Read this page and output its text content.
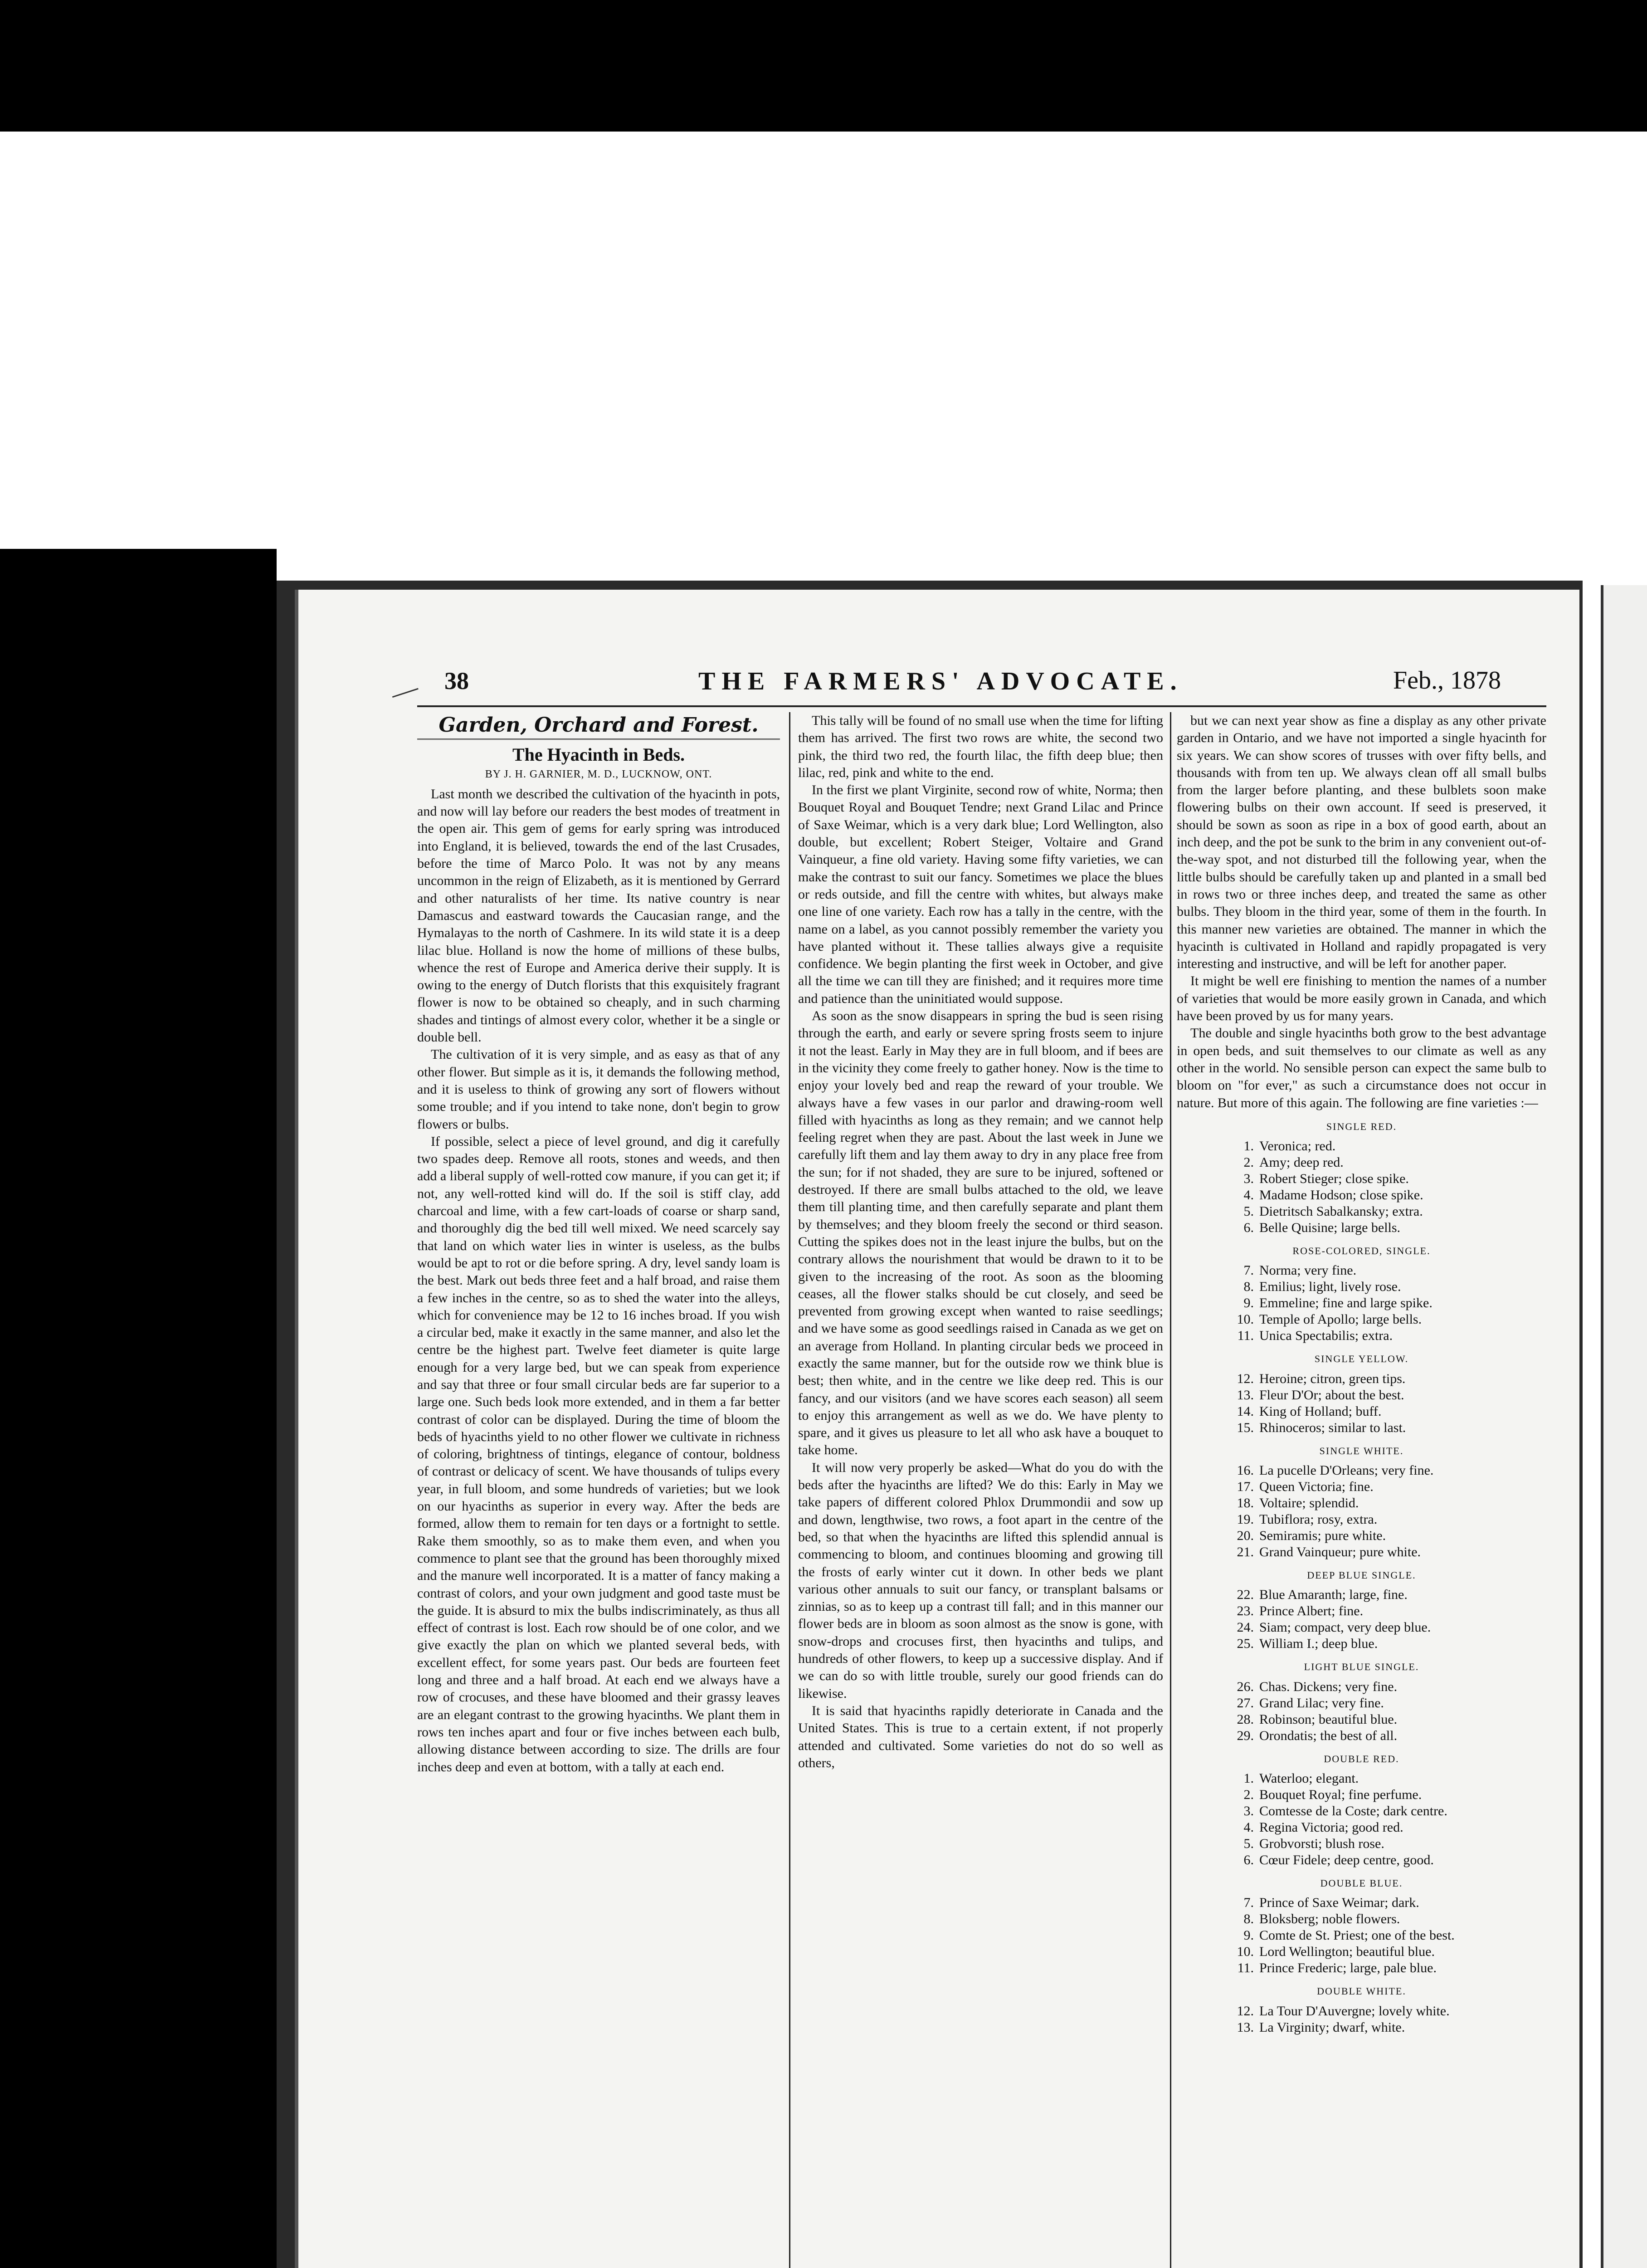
38	THE FARMERS' ADVOCATE.	Feb., 1878
Garden, Orchard and Forest.
The Hyacinth in Beds.
BY J. H. GARNIER, M. D., LUCKNOW, ONT.

Last month we described the cultivation of the hyacinth in pots, and now will lay before our readers the best modes of treatment in the open air. This gem of gems for early spring was introduced into England, it is believed, towards the end of the last Crusades, before the time of Marco Polo. It was not by any means uncommon in the reign of Elizabeth, as it is mentioned by Gerrard and other naturalists of her time. Its native country is near Damascus and eastward towards the Caucasian range, and the Hymalayas to the north of Cashmere. In its wild state it is a deep lilac blue. Holland is now the home of millions of these bulbs, whence the rest of Europe and America derive their supply. It is owing to the energy of Dutch florists that this exquisitely fragrant flower is now to be obtained so cheaply, and in such charming shades and tintings of almost every color, whether it be a single or double bell.

The cultivation of it is very simple, and as easy as that of any other flower. But simple as it is, it demands the following method, and it is useless to think of growing any sort of flowers without some trouble; and if you intend to take none, don't begin to grow flowers or bulbs.

If possible, select a piece of level ground, and dig it carefully two spades deep. Remove all roots, stones and weeds, and then add a liberal supply of well-rotted cow manure, if you can get it; if not, any well-rotted kind will do. If the soil is stiff clay, add charcoal and lime, with a few cart-loads of coarse or sharp sand, and thoroughly dig the bed till well mixed. We need scarcely say that land on which water lies in winter is useless, as the bulbs would be apt to rot or die before spring. A dry, level sandy loam is the best. Mark out beds three feet and a half broad, and raise them a few inches in the centre, so as to shed the water into the alleys, which for convenience may be 12 to 16 inches broad. If you wish a circular bed, make it exactly in the same manner, and also let the centre be the highest part. Twelve feet diameter is quite large enough for a very large bed, but we can speak from experience and say that three or four small circular beds are far superior to a large one. Such beds look more extended, and in them a far better contrast of color can be displayed. During the time of bloom the beds of hyacinths yield to no other flower we cultivate in richness of coloring, brightness of tintings, elegance of contour, boldness of contrast or delicacy of scent. We have thousands of tulips every year, in full bloom, and some hundreds of varieties; but we look on our hyacinths as superior in every way. After the beds are formed, allow them to remain for ten days or a fortnight to settle. Rake them smoothly, so as to make them even, and when you commence to plant see that the ground has been thoroughly mixed and the manure well incorporated. It is a matter of fancy making a contrast of colors, and your own judgment and good taste must be the guide. It is absurd to mix the bulbs indiscriminately, as thus all effect of contrast is lost. Each row should be of one color, and we give exactly the plan on which we planted several beds, with excellent effect, for some years past. Our beds are fourteen feet long and three and a half broad. At each end we always have a row of crocuses, and these have bloomed and their grassy leaves are an elegant contrast to the growing hyacinths. We plant them in rows ten inches apart and four or five inches between each bulb, allowing distance between according to size. The drills are four inches deep and even at bottom, with a tally at each end.

This tally will be found of no small use when the time for lifting them has arrived. The first two rows are white, the second two pink, the third two red, the fourth lilac, the fifth deep blue; then lilac, red, pink and white to the end.

In the first we plant Virginite, second row of white, Norma; then Bouquet Royal and Bouquet Tendre; next Grand Lilac and Prince of Saxe Weimar, which is a very dark blue; Lord Wellington, also double, but excellent; Robert Steiger, Voltaire and Grand Vainqueur, a fine old variety. Having some fifty varieties, we can make the contrast to suit our fancy. Sometimes we place the blues or reds outside, and fill the centre with whites, but always make one line of one variety. Each row has a tally in the centre, with the name on a label, as you cannot possibly remember the variety you have planted without it. These tallies always give a requisite confidence. We begin planting the first week in October, and give all the time we can till they are finished; and it requires more time and patience than the uninitiated would suppose.

As soon as the snow disappears in spring the bud is seen rising through the earth, and early or severe spring frosts seem to injure it not the least. Early in May they are in full bloom, and if bees are in the vicinity they come freely to gather honey. Now is the time to enjoy your lovely bed and reap the reward of your trouble. We always have a few vases in our parlor and drawing-room well filled with hyacinths as long as they remain; and we cannot help feeling regret when they are past. About the last week in June we carefully lift them and lay them away to dry in any place free from the sun; for if not shaded, they are sure to be injured, softened or destroyed. If there are small bulbs attached to the old, we leave them till planting time, and then carefully separate and plant them by themselves; and they bloom freely the second or third season. Cutting the spikes does not in the least injure the bulbs, but on the contrary allows the nourishment that would be drawn to it to be given to the increasing of the root. As soon as the blooming ceases, all the flower stalks should be cut closely, and seed be prevented from growing except when wanted to raise seedlings; and we have some as good seedlings raised in Canada as we get on an average from Holland. In planting circular beds we proceed in exactly the same manner, but for the outside row we think blue is best; then white, and in the centre we like deep red. This is our fancy, and our visitors (and we have scores each season) all seem to enjoy this arrangement as well as we do. We have plenty to spare, and it gives us pleasure to let all who ask have a bouquet to take home.

It will now very properly be asked—What do you do with the beds after the hyacinths are lifted? We do this: Early in May we take papers of different colored Phlox Drummondii and sow up and down, lengthwise, two rows, a foot apart in the centre of the bed, so that when the hyacinths are lifted this splendid annual is commencing to bloom, and continues blooming and growing till the frosts of early winter cut it down. In other beds we plant various other annuals to suit our fancy, or transplant balsams or zinnias, so as to keep up a contrast till fall; and in this manner our flower beds are in bloom as soon almost as the snow is gone, with snow-drops and crocuses first, then hyacinths and tulips, and hundreds of other flowers, to keep up a successive display. And if we can do so with little trouble, surely our good friends can do likewise.

It is said that hyacinths rapidly deteriorate in Canada and the United States. This is true to a certain extent, if not properly attended and cultivated. Some varieties do not do so well as others,

but we can next year show as fine a display as any other private garden in Ontario, and we have not imported a single hyacinth for six years. We can show scores of trusses with over fifty bells, and thousands with from ten up. We always clean off all small bulbs from the larger before planting, and these bulblets soon make flowering bulbs on their own account. If seed is preserved, it should be sown as soon as ripe in a box of good earth, about an inch deep, and the pot be sunk to the brim in any convenient out-of-the-way spot, and not disturbed till the following year, when the little bulbs should be carefully taken up and planted in a small bed in rows two or three inches deep, and treated the same as other bulbs. They bloom in the third year, some of them in the fourth. In this manner new varieties are obtained. The manner in which the hyacinth is cultivated in Holland and rapidly propagated is very interesting and instructive, and will be left for another paper.

It might be well ere finishing to mention the names of a number of varieties that would be more easily grown in Canada, and which have been proved by us for many years.

The double and single hyacinths both grow to the best advantage in open beds, and suit themselves to our climate as well as any other in the world. No sensible person can expect the same bulb to bloom on "for ever," as such a circumstance does not occur in nature. But more of this again. The following are fine varieties :—

SINGLE RED.
1. Veronica; red.
2. Amy; deep red.
3. Robert Stieger; close spike.
4. Madame Hodson; close spike.
5. Dietritsch Sabalkansky; extra.
6. Belle Quisine; large bells.
ROSE-COLORED, SINGLE.
7. Norma; very fine.
8. Emilius; light, lively rose.
9. Emmeline; fine and large spike.
10. Temple of Apollo; large bells.
11. Unica Spectabilis; extra.
SINGLE YELLOW.
12. Heroine; citron, green tips.
13. Fleur D'Or; about the best.
14. King of Holland; buff.
15. Rhinoceros; similar to last.
SINGLE WHITE.
16. La pucelle D'Orleans; very fine.
17. Queen Victoria; fine.
18. Voltaire; splendid.
19. Tubiflora; rosy, extra.
20. Semiramis; pure white.
21. Grand Vainqueur; pure white.
DEEP BLUE SINGLE.
22. Blue Amaranth; large, fine.
23. Prince Albert; fine.
24. Siam; compact, very deep blue.
25. William I.; deep blue.
LIGHT BLUE SINGLE.
26. Chas. Dickens; very fine.
27. Grand Lilac; very fine.
28. Robinson; beautiful blue.
29. Orondatis; the best of all.
DOUBLE RED.
1. Waterloo; elegant.
2. Bouquet Royal; fine perfume.
3. Comtesse de la Coste; dark centre.
4. Regina Victoria; good red.
5. Grobvorsti; blush rose.
6. Cœur Fidele; deep centre, good.
DOUBLE BLUE.
7. Prince of Saxe Weimar; dark.
8. Bloksberg; noble flowers.
9. Comte de St. Priest; one of the best.
10. Lord Wellington; beautiful blue.
11. Prince Frederic; large, pale blue.
DOUBLE WHITE.
12. La Tour D'Auvergne; lovely white.
13. La Virginity; dwarf, white.
